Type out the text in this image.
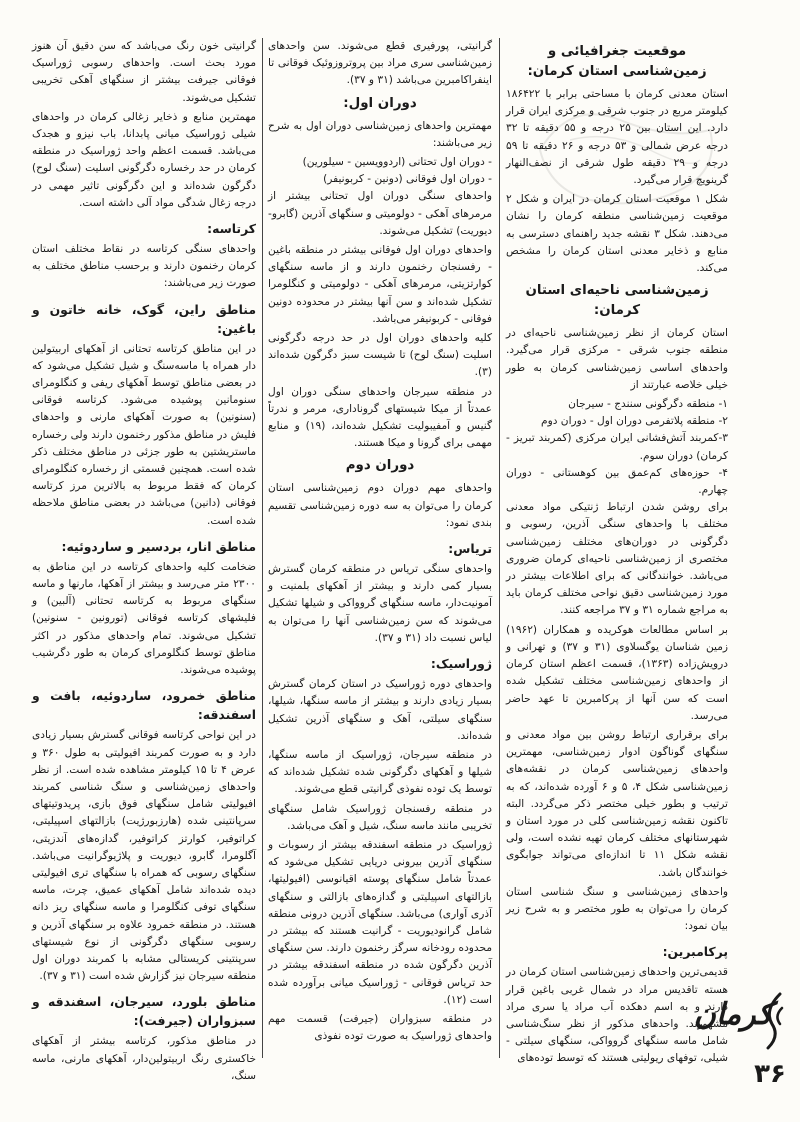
موقعیت جغرافیائی و زمین‌شناسی استان کرمان:

استان معدنی کرمان با مساحتی برابر با ۱۸۶۴۲۲ کیلومتر مربع در جنوب شرقی و مرکزی ایران قرار دارد. این استان بین ۲۵ درجه و ۵۵ دقیقه تا ۳۲ درجه عرض شمالی و ۵۳ درجه و ۲۶ دقیقه تا ۵۹ درجه و ۲۹ دقیقه طول شرقی از نصف‌النهار گرینویچ قرار می‌گیرد.

شکل ۱ موقعیت استان کرمان در ایران و شکل ۲ موقعیت زمین‌شناسی منطقه کرمان را نشان می‌دهند. شکل ۳ نقشه جدید راهنمای دسترسی به منابع و ذخایر معدنی استان کرمان را مشخص می‌کند.

زمین‌شناسی ناحیه‌ای استان کرمان:

استان کرمان از نظر زمین‌شناسی ناحیه‌ای در منطقه جنوب شرقی - مرکزی قرار می‌گیرد. واحدهای اساسی زمین‌شناسی کرمان به طور خیلی خلاصه عبارتند از

۱- منطقه دگرگونی سنندج - سیرجان
۲- منطقه پلاتفرمی دوران اول - دوران دوم
۳-کمربند آتش‌فشانی ایران مرکزی (کمربند تبریز - کرمان) دوران سوم.
۴- حوزه‌های کم‌عمق بین کوهستانی - دوران چهارم.

برای روشن شدن ارتباط ژنتیکی مواد معدنی مختلف با واحدهای سنگی آذرین، رسوبی و دگرگونی در دوران‌های مختلف زمین‌شناسی مختصری از زمین‌شناسی ناحیه‌ای کرمان ضروری می‌باشد. خوانندگانی که برای اطلاعات بیشتر در مورد زمین‌شناسی دقیق نواحی مختلف کرمان باید به مراجع شماره ۳۱ و ۳۷ مراجعه کنند.

بر اساس مطالعات هوکریده و همکاران (۱۹۶۲) زمین شناسان یوگسلاوی (۳۱ و ۳۷) و تهرانی و درویش‌زاده (۱۳۶۳)، قسمت اعظم استان کرمان از واحدهای زمین‌شناسی مختلف تشکیل شده است که سن آنها از پرکامبرین تا عهد حاضر می‌رسد.

برای برقراری ارتباط روشن بین مواد معدنی و سنگهای گوناگون ادوار زمین‌شناسی، مهمترین واحدهای زمین‌شناسی کرمان در نقشه‌های زمین‌شناسی شکل ۴، ۵ و ۶ آورده شده‌اند، که به ترتیب و بطور خیلی مختصر ذکر می‌گردد. البته تاکنون نقشه زمین‌شناسی کلی در مورد استان و شهرستانهای مختلف کرمان تهیه نشده است، ولی نقشه شکل ۱۱ تا اندازه‌ای می‌تواند جوابگوی خوانندگان باشد.

واحدهای زمین‌شناسی و سنگ شناسی استان کرمان را می‌توان به طور مختصر و به شرح زیر بیان نمود:

پرکامبرین:

قدیمی‌ترین واحدهای زمین‌شناسی استان کرمان در هسته تاقدیس مراد در شمال غربی باغین قرار دارند و به اسم دهکده آب مراد یا سری مراد مشهورند. واحدهای مذکور از نظر سنگ‌شناسی شامل ماسه سنگهای گروواکی، سنگهای سیلتی - شیلی، توفهای ریولیتی هستند که توسط توده‌های

گرانیتی، پورفیری قطع می‌شوند. سن واحدهای زمین‌شناسی سری مراد بین پروتروزوئیک فوقانی تا اینفراکامبرین می‌باشد (۳۱ و ۳۷).

دوران اول:

مهمترین واحدهای زمین‌شناسی دوران اول به شرح زیر می‌باشند:

- دوران اول تحتانی (اردوویسین - سیلورین)
- دوران اول فوقانی (دونین - کربونیفر)

واحدهای سنگی دوران اول تحتانی بیشتر از مرمرهای آهکی - دولومیتی و سنگهای آذرین (گابرو-دیوریت) تشکیل می‌شوند.

واحدهای دوران اول فوقانی بیشتر در منطقه باغین - رفسنجان رخنمون دارند و از ماسه سنگهای کوارتزیتی، مرمرهای آهکی - دولومیتی و کنگلومرا تشکیل شده‌اند و سن آنها بیشتر در محدوده دونین فوقانی - کربونیفر می‌باشد.

کلیه واحدهای دوران اول در حد درجه دگرگونی اسلیت (سنگ لوح) تا شیست سبز دگرگون شده‌اند (۳).

در منطقه سیرجان واحدهای سنگی دوران اول عمدتاً از میکا شیستهای گروناداری، مرمر و ندرتاً گنیس و آمفیبولیت تشکیل شده‌اند، (۱۹) و منابع مهمی برای گرونا و میکا هستند.

دوران دوم

واحدهای مهم دوران دوم زمین‌شناسی استان کرمان را می‌توان به سه دوره زمین‌شناسی تقسیم بندی نمود:

تریاس:

واحدهای سنگی تریاس در منطقه کرمان گسترش بسیار کمی دارند و بیشتر از آهکهای بلمنیت و آمونیت‌دار، ماسه سنگهای گروواکی و شیلها تشکیل می‌شوند که سن زمین‌شناسی آنها را می‌توان به لیاس نسبت داد (۳۱ و ۳۷).

ژوراسیک:

واحدهای دوره ژوراسیک در استان کرمان گسترش بسیار زیادی دارند و بیشتر از ماسه سنگها، شیلها، سنگهای سیلتی، آهک و سنگهای آذرین تشکیل شده‌اند.

در منطقه سیرجان، ژوراسیک از ماسه سنگها، شیلها و آهکهای دگرگونی شده تشکیل شده‌اند که توسط یک توده نفوذی گرانیتی قطع می‌شوند.

در منطقه رفسنجان ژوراسیک شامل سنگهای تخریبی مانند ماسه سنگ، شیل و آهک می‌باشد.

ژوراسیک در منطقه اسفندقه بیشتر از رسوبات و سنگهای آذرین بیرونی دریایی تشکیل می‌شود که عمدتاً شامل سنگهای پوسته اقیانوسی (افیولیتها، بازالتهای اسپیلیتی و گدازه‌های بازالتی و سنگهای آذری آواری) می‌باشد. سنگهای آذرین درونی منطقه شامل گرانودیوریت - گرانیت هستند که بیشتر در محدوده رودخانه سرگز رخنمون دارند. سن سنگهای آذرین دگرگون شده در منطقه اسفندقه بیشتر در حد تریاس فوقانی - ژوراسیک میانی برآورده شده است (۱۲).

در منطقه سبزواران (جیرفت) قسمت مهم واحدهای ژوراسیک به صورت توده نفوذی

گرانیتی خون رنگ می‌باشد که سن دقیق آن هنوز مورد بحث است. واحدهای رسوبی ژوراسیک فوقانی جیرفت بیشتر از سنگهای آهکی تخریبی تشکیل می‌شوند.

مهمترین منابع و ذخایر زغالی کرمان در واحدهای شیلی ژوراسیک میانی پابدانا، باب نیزو و هجدک می‌باشد. قسمت اعظم واحد ژوراسیک در منطقه کرمان در حد رخساره دگرگونی اسلیت (سنگ لوح) دگرگون شده‌اند و این دگرگونی تاثیر مهمی در درجه زغال شدگی مواد آلی داشته است.

کرتاسه:

واحدهای سنگی کرتاسه در نقاط مختلف استان کرمان رخنمون دارند و برحسب مناطق مختلف به صورت زیر می‌باشند:

مناطق راین، گوک، خانه خاتون و باغین:

در این مناطق کرتاسه تحتانی از آهکهای اربیتولین دار همراه با ماسه‌سنگ و شیل تشکیل می‌شود که در بعضی مناطق توسط آهکهای ریفی و کنگلومرای سنومانین پوشیده می‌شود. کرتاسه فوقانی (سنونین) به صورت آهکهای مارنی و واحدهای فلیش در مناطق مذکور رخنمون دارند ولی رخساره ماستریشتین به طور جزئی در مناطق مختلف ذکر شده است. همچنین قسمتی از رخساره کنگلومرای کرمان که فقط مربوط به بالاترین مرز کرتاسه فوقانی (دانین) می‌باشد در بعضی مناطق ملاحظه شده است.

مناطق انار، بردسیر و ساردوئیه:

ضخامت کلیه واحدهای کرتاسه در این مناطق به ۲۳۰۰ متر می‌رسد و بیشتر از آهکها، مارنها و ماسه سنگهای مربوط به کرتاسه تحتانی (آلبین) و فلیشهای کرتاسه فوقانی (تورونین - سنونین) تشکیل می‌شوند. تمام واحدهای مذکور در اکثر مناطق توسط کنگلومرای کرمان به طور دگرشیب پوشیده می‌شوند.

مناطق خمرود، ساردوئیه، بافت و اسفندقه:

در این نواحی کرتاسه فوقانی گسترش بسیار زیادی دارد و به صورت کمربند افیولیتی به طول ۳۶۰ و عرض ۴ تا ۱۵ کیلومتر مشاهده شده است. از نظر واحدهای زمین‌شناسی و سنگ شناسی کمربند افیولیتی شامل سنگهای فوق بازی، پریدوتیتهای سرپانتینی شده (هارزبورژیت) بازالتهای اسپیلیتی، کراتوفیر، کوارتز کراتوفیر، گدازه‌های آندزیتی، آگلومرا، گابرو، دیوریت و پلاژیوگرانیت می‌باشد. سنگهای رسوبی که همراه با سنگهای تری افیولیتی دیده شده‌اند شامل آهکهای عمیق، چرت، ماسه سنگهای توفی کنگلومرا و ماسه سنگهای ریز دانه هستند. در منطقه خمرود علاوه بر سنگهای آذرین و رسوبی سنگهای دگرگونی از نوع شیستهای سرپنتینی کریستالی مشابه با کمربند دوران اول منطقه سیرجان نیز گزارش شده است (۳۱ و ۳۷).

مناطق بلورد، سیرجان، اسفندقه و سبزواران (جیرفت):

در مناطق مذکور، کرتاسه بیشتر از آهکهای خاکستری رنگ اربیتولین‌دار، آهکهای مارنی، ماسه سنگ،

کرمان
۳۶
